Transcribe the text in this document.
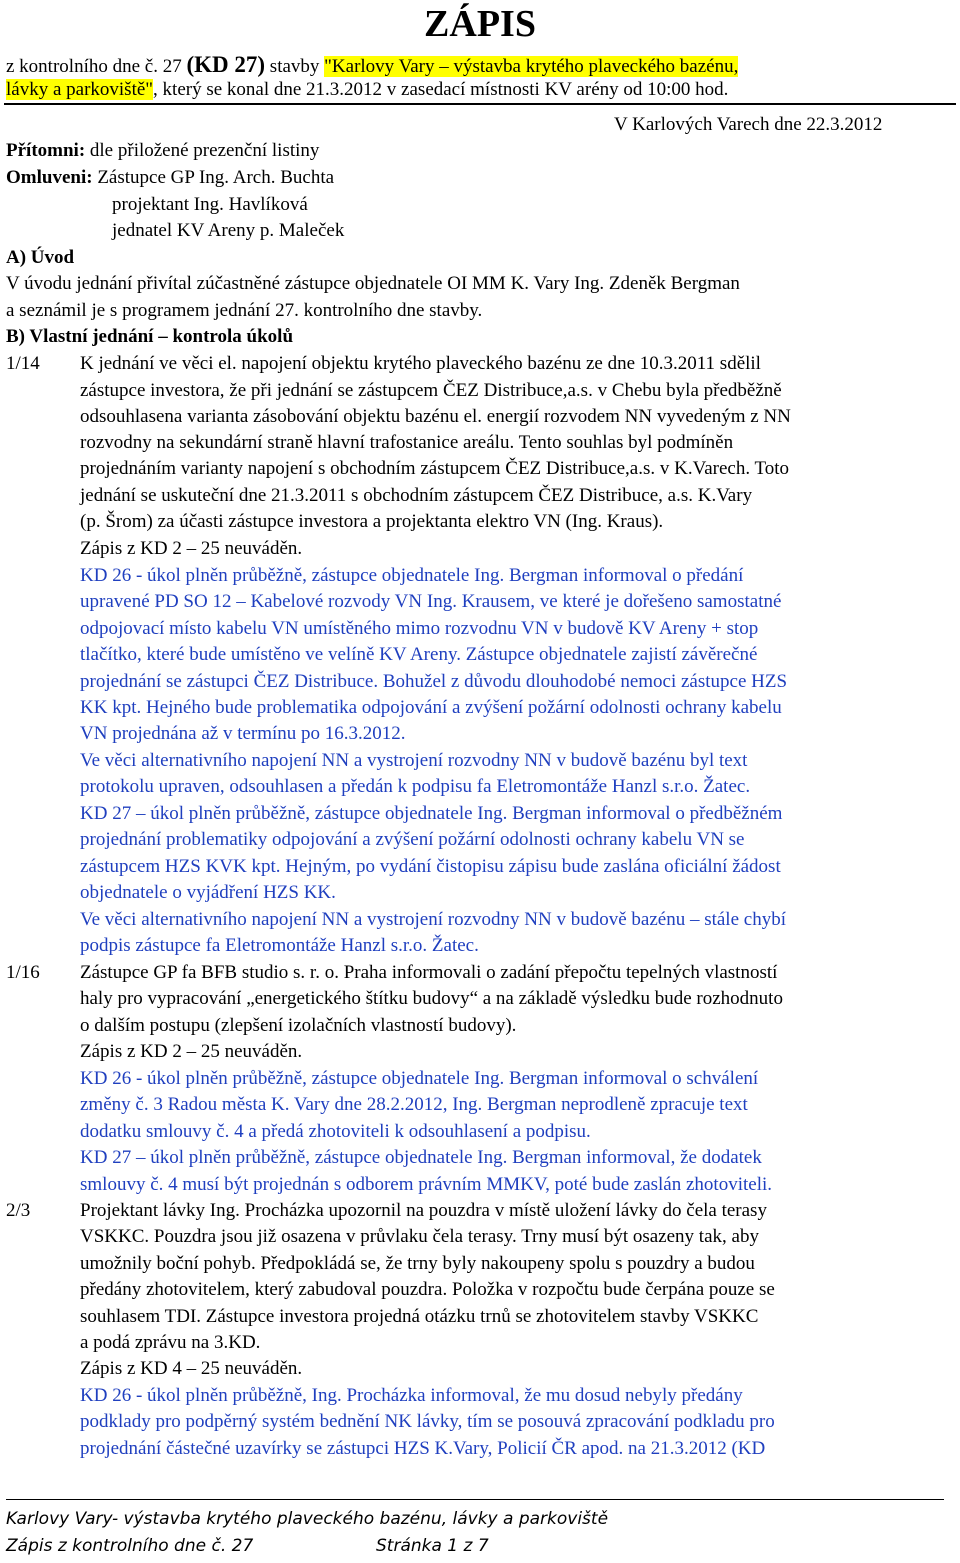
ZÁPIS
z kontrolního dne č. 27 (KD 27) stavby "Karlovy Vary – výstavba krytého plaveckého bazénu,
lávky a parkoviště", který se konal dne 21.3.2012 v zasedací místnosti KV arény od 10:00 hod.
V Karlových Varech dne 22.3.2012
Přítomni: dle přiložené prezenční listiny
Omluveni: Zástupce GP Ing. Arch. Buchta
projektant Ing. Havlíková
jednatel KV Areny p. Maleček
A) Úvod
V úvodu jednání přivítal zúčastněné zástupce objednatele OI MM K. Vary Ing. Zdeněk Bergman
a seznámil je s programem jednání 27. kontrolního dne stavby.
B) Vlastní jednání – kontrola úkolů
1/14 K jednání ve věci el. napojení objektu krytého plaveckého bazénu ze dne 10.3.2011 sdělil
zástupce investora, že při jednání se zástupcem ČEZ Distribuce,a.s. v Chebu byla předběžně
odsouhlasena varianta zásobování objektu bazénu el. energií rozvodem NN vyvedeným z NN
rozvodny na sekundární straně hlavní trafostanice areálu. Tento souhlas byl podmíněn
projednáním varianty napojení s obchodním zástupcem ČEZ Distribuce,a.s. v K.Varech. Toto
jednání se uskuteční dne 21.3.2011 s obchodním zástupcem ČEZ Distribuce, a.s. K.Vary
(p. Šrom) za účasti zástupce investora a projektanta elektro VN (Ing. Kraus).
Zápis z KD 2 – 25 neuváděn.
KD 26 - úkol plněn průběžně, zástupce objednatele Ing. Bergman informoval o předání
upravené PD SO 12 – Kabelové rozvody VN Ing. Krausem, ve které je dořešeno samostatné
odpojovací místo kabelu VN umístěného mimo rozvodnu VN v budově KV Areny + stop
tlačítko, které bude umístěno ve velíně KV Areny. Zástupce objednatele zajistí závěrečné
projednání se zástupci ČEZ Distribuce. Bohužel z důvodu dlouhodobé nemoci zástupce HZS
KK kpt. Hejného bude problematika odpojování a zvýšení požární odolnosti ochrany kabelu
VN projednána až v termínu po 16.3.2012.
Ve věci alternativního napojení NN a vystrojení rozvodny NN v budově bazénu byl text
protokolu upraven, odsouhlasen a předán k podpisu fa Eletromontáže Hanzl s.r.o. Žatec.
KD 27 – úkol plněn průběžně, zástupce objednatele Ing. Bergman informoval o předběžném
projednání problematiky odpojování a zvýšení požární odolnosti ochrany kabelu VN se
zástupcem HZS KVK kpt. Hejným, po vydání čistopisu zápisu bude zaslána oficiální žádost
objednatele o vyjádření HZS KK.
Ve věci alternativního napojení NN a vystrojení rozvodny NN v budově bazénu – stále chybí
podpis zástupce fa Eletromontáže Hanzl s.r.o. Žatec.
1/16 Zástupce GP fa BFB studio s. r. o. Praha informovali o zadání přepočtu tepelných vlastností
haly pro vypracování „energetického štítku budovy“ a na základě výsledku bude rozhodnuto
o dalším postupu (zlepšení izolačních vlastností budovy).
Zápis z KD 2 – 25 neuváděn.
KD 26 - úkol plněn průběžně, zástupce objednatele Ing. Bergman informoval o schválení
změny č. 3 Radou města K. Vary dne 28.2.2012, Ing. Bergman neprodleně zpracuje text
dodatku smlouvy č. 4 a předá zhotoviteli k odsouhlasení a podpisu.
KD 27 – úkol plněn průběžně, zástupce objednatele Ing. Bergman informoval, že dodatek
smlouvy č. 4 musí být projednán s odborem právním MMKV, poté bude zaslán zhotoviteli.
2/3	Projektant lávky Ing. Procházka upozornil na pouzdra v místě uložení lávky do čela terasy
VSKKC. Pouzdra jsou již osazena v průvlaku čela terasy. Trny musí být osazeny tak, aby
umožnily boční pohyb. Předpokládá se, že trny byly nakoupeny spolu s pouzdry a budou
předány zhotovitelem, který zabudoval pouzdra. Položka v rozpočtu bude čerpána pouze se
souhlasem TDI. Zástupce investora projedná otázku trnů se zhotovitelem stavby VSKKC
a podá zprávu na 3.KD.
Zápis z KD 4 – 25 neuváděn.
KD 26 - úkol plněn průběžně, Ing. Procházka informoval, že mu dosud nebyly předány
podklady pro podpěrný systém bednění NK lávky, tím se posouvá zpracování podkladu pro
projednání částečné uzavírky se zástupci HZS K.Vary, Policií ČR apod. na 21.3.2012 (KD
Karlovy Vary- výstavba krytého plaveckého bazénu, lávky a parkoviště
Zápis z kontrolního dne č. 27	Stránka 1 z 7
